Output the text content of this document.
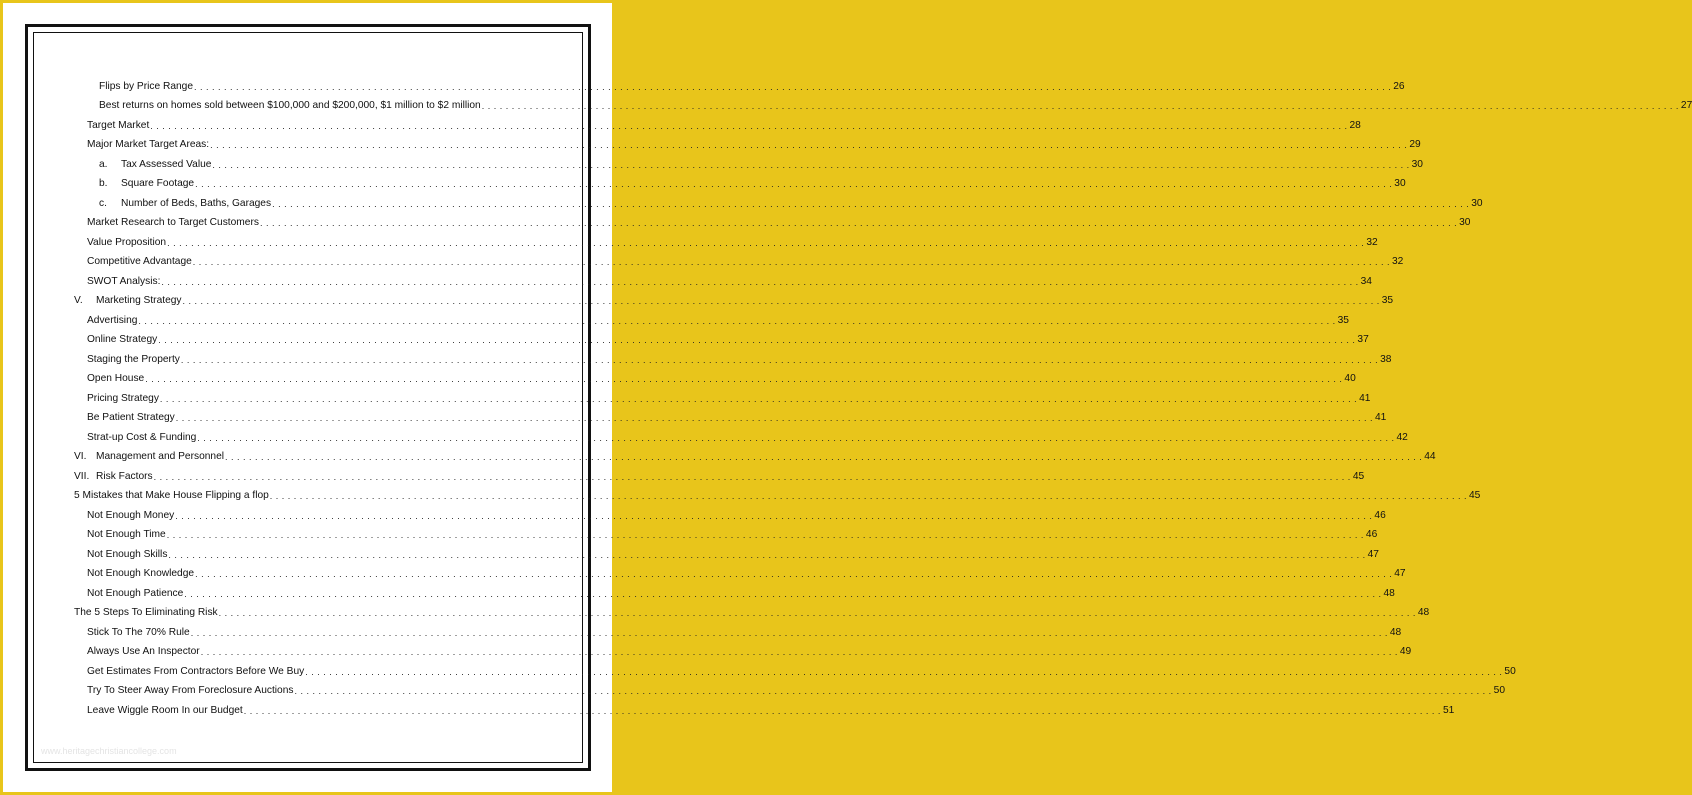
Flips by Price Range . . . . . . . . . . . . . . . . . . . . . . . . . . . . . . . . . . . . . . . . . . . . . . . . . . . . . . . . . . . . . . . . . . . . . . . . . . . . . . . . . . . . . . . . . . . . . . . . . . . . . . . . . . . . . . . . . . . . . . . . . . . . . . . . . . . . . . . . . . . . . . . . . . . . . . . . . . . . . . . . . . . . . . . . . . . . . . . . . . . . . . . . . . . . . . . . . . . . . . . . 26
Best returns on homes sold between $100,000 and $200,000, $1 million to $2 million . . . . . . . . . . . . . . . . . . . . . . . . . . . . . . . . . . . . . . . . . . . . . . . . . . . . . . . . . . . . . . . . . . . . . . . . . . . . . . . . . . . . . . . . . . . . . . . . . . . . . . . . . . . . . . . . . . . . . . . . . . . . . . . . . . . . . . . . . . . . . . . . . . . . . . . . . . . . . . . . . . . . . . . . . . . . . . . . . . . . . . . . . . . . . . . . . . . . . . . . 27
Target Market . . . . . . . . . . . . . . . . . . . . . . . . . . . . . . . . . . . . . . . . . . . . . . . . . . . . . . . . . . . . . . . . . . . . . . . . . . . . . . . . . . . . . . . . . . . . . . . . . . . . . . . . . . . . . . . . . . . . . . . . . . . . . . . . . . . . . . . . . . . . . . . . . . . . . . . . . . . . . . . . . . . . . . . . . . . . . . . . . . . . . . . . . . . . . . . . . . . . . . . . 28
Major Market Target Areas: . . . . . . . . . . . . . . . . . . . . . . . . . . . . . . . . . . . . . . . . . . . . . . . . . . . . . . . . . . . . . . . . . . . . . . . . . . . . . . . . . . . . . . . . . . . . . . . . . . . . . . . . . . . . . . . . . . . . . . . . . . . . . . . . . . . . . . . . . . . . . . . . . . . . . . . . . . . . . . . . . . . . . . . . . . . . . . . . . . . . . . . . . . . . . . . . . . . . . . . . 29
a. Tax Assessed Value . . . . . . . . . . . . . . . . . . . . . . . . . . . . . . . . . . . . . . . . . . . . . . . . . . . . . . . . . . . . . . . . . . . . . . . . . . . . . . . . . . . . . . . . . . . . . . . . . . . . . . . . . . . . . . . . . . . . . . . . . . . . . . . . . . . . . . . . . . . . . . . . . . . . . . . . . . . . . . . . . . . . . . . . . . . . . . . . . . . . . . . . . . . . . . . . . . . . . . . . 30
b. Square Footage . . . . . . . . . . . . . . . . . . . . . . . . . . . . . . . . . . . . . . . . . . . . . . . . . . . . . . . . . . . . . . . . . . . . . . . . . . . . . . . . . . . . . . . . . . . . . . . . . . . . . . . . . . . . . . . . . . . . . . . . . . . . . . . . . . . . . . . . . . . . . . . . . . . . . . . . . . . . . . . . . . . . . . . . . . . . . . . . . . . . . . . . . . . . . . . . . . . . . . . . 30
c. Number of Beds, Baths, Garages . . . . . . . . . . . . . . . . . . . . . . . . . . . . . . . . . . . . . . . . . . . . . . . . . . . . . . . . . . . . . . . . . . . . . . . . . . . . . . . . . . . . . . . . . . . . . . . . . . . . . . . . . . . . . . . . . . . . . . . . . . . . . . . . . . . . . . . . . . . . . . . . . . . . . . . . . . . . . . . . . . . . . . . . . . . . . . . . . . . . . . . . . . . . . . . . . . . . . . . . 30
Market Research to Target Customers . . . . . . . . . . . . . . . . . . . . . . . . . . . . . . . . . . . . . . . . . . . . . . . . . . . . . . . . . . . . . . . . . . . . . . . . . . . . . . . . . . . . . . . . . . . . . . . . . . . . . . . . . . . . . . . . . . . . . . . . . . . . . . . . . . . . . . . . . . . . . . . . . . . . . . . . . . . . . . . . . . . . . . . . . . . . . . . . . . . . . . . . . . . . . . . . . . . . . . . . 30
Value Proposition . . . . . . . . . . . . . . . . . . . . . . . . . . . . . . . . . . . . . . . . . . . . . . . . . . . . . . . . . . . . . . . . . . . . . . . . . . . . . . . . . . . . . . . . . . . . . . . . . . . . . . . . . . . . . . . . . . . . . . . . . . . . . . . . . . . . . . . . . . . . . . . . . . . . . . . . . . . . . . . . . . . . . . . . . . . . . . . . . . . . . . . . . . . . . . . . . . . . . . . . 32
Competitive Advantage . . . . . . . . . . . . . . . . . . . . . . . . . . . . . . . . . . . . . . . . . . . . . . . . . . . . . . . . . . . . . . . . . . . . . . . . . . . . . . . . . . . . . . . . . . . . . . . . . . . . . . . . . . . . . . . . . . . . . . . . . . . . . . . . . . . . . . . . . . . . . . . . . . . . . . . . . . . . . . . . . . . . . . . . . . . . . . . . . . . . . . . . . . . . . . . . . . . . . . . . 32
SWOT Analysis: . . . . . . . . . . . . . . . . . . . . . . . . . . . . . . . . . . . . . . . . . . . . . . . . . . . . . . . . . . . . . . . . . . . . . . . . . . . . . . . . . . . . . . . . . . . . . . . . . . . . . . . . . . . . . . . . . . . . . . . . . . . . . . . . . . . . . . . . . . . . . . . . . . . . . . . . . . . . . . . . . . . . . . . . . . . . . . . . . . . . . . . . . . . . . . . . . . . . . . . . 34
V. Marketing Strategy . . . . . . . . . . . . . . . . . . . . . . . . . . . . . . . . . . . . . . . . . . . . . . . . . . . . . . . . . . . . . . . . . . . . . . . . . . . . . . . . . . . . . . . . . . . . . . . . . . . . . . . . . . . . . . . . . . . . . . . . . . . . . . . . . . . . . . . . . . . . . . . . . . . . . . . . . . . . . . . . . . . . . . . . . . . . . . . . . . . . . . . . . . . . . . . . . . . . . . . . 35
Advertising . . . . . . . . . . . . . . . . . . . . . . . . . . . . . . . . . . . . . . . . . . . . . . . . . . . . . . . . . . . . . . . . . . . . . . . . . . . . . . . . . . . . . . . . . . . . . . . . . . . . . . . . . . . . . . . . . . . . . . . . . . . . . . . . . . . . . . . . . . . . . . . . . . . . . . . . . . . . . . . . . . . . . . . . . . . . . . . . . . . . . . . . . . . . . . . . . . . . . . . . 35
Online Strategy . . . . . . . . . . . . . . . . . . . . . . . . . . . . . . . . . . . . . . . . . . . . . . . . . . . . . . . . . . . . . . . . . . . . . . . . . . . . . . . . . . . . . . . . . . . . . . . . . . . . . . . . . . . . . . . . . . . . . . . . . . . . . . . . . . . . . . . . . . . . . . . . . . . . . . . . . . . . . . . . . . . . . . . . . . . . . . . . . . . . . . . . . . . . . . . . . . . . . . . . 37
Staging the Property . . . . . . . . . . . . . . . . . . . . . . . . . . . . . . . . . . . . . . . . . . . . . . . . . . . . . . . . . . . . . . . . . . . . . . . . . . . . . . . . . . . . . . . . . . . . . . . . . . . . . . . . . . . . . . . . . . . . . . . . . . . . . . . . . . . . . . . . . . . . . . . . . . . . . . . . . . . . . . . . . . . . . . . . . . . . . . . . . . . . . . . . . . . . . . . . . . . . . . . . 38
Open House . . . . . . . . . . . . . . . . . . . . . . . . . . . . . . . . . . . . . . . . . . . . . . . . . . . . . . . . . . . . . . . . . . . . . . . . . . . . . . . . . . . . . . . . . . . . . . . . . . . . . . . . . . . . . . . . . . . . . . . . . . . . . . . . . . . . . . . . . . . . . . . . . . . . . . . . . . . . . . . . . . . . . . . . . . . . . . . . . . . . . . . . . . . . . . . . . . . . . . . . 40
Pricing Strategy . . . . . . . . . . . . . . . . . . . . . . . . . . . . . . . . . . . . . . . . . . . . . . . . . . . . . . . . . . . . . . . . . . . . . . . . . . . . . . . . . . . . . . . . . . . . . . . . . . . . . . . . . . . . . . . . . . . . . . . . . . . . . . . . . . . . . . . . . . . . . . . . . . . . . . . . . . . . . . . . . . . . . . . . . . . . . . . . . . . . . . . . . . . . . . . . . . . . . . . . 41
Be Patient Strategy . . . . . . . . . . . . . . . . . . . . . . . . . . . . . . . . . . . . . . . . . . . . . . . . . . . . . . . . . . . . . . . . . . . . . . . . . . . . . . . . . . . . . . . . . . . . . . . . . . . . . . . . . . . . . . . . . . . . . . . . . . . . . . . . . . . . . . . . . . . . . . . . . . . . . . . . . . . . . . . . . . . . . . . . . . . . . . . . . . . . . . . . . . . . . . . . . . . . . . . . 41
Strat-up Cost & Funding . . . . . . . . . . . . . . . . . . . . . . . . . . . . . . . . . . . . . . . . . . . . . . . . . . . . . . . . . . . . . . . . . . . . . . . . . . . . . . . . . . . . . . . . . . . . . . . . . . . . . . . . . . . . . . . . . . . . . . . . . . . . . . . . . . . . . . . . . . . . . . . . . . . . . . . . . . . . . . . . . . . . . . . . . . . . . . . . . . . . . . . . . . . . . . . . . . . . . . . . 42
VI. Management and Personnel . . . . . . . . . . . . . . . . . . . . . . . . . . . . . . . . . . . . . . . . . . . . . . . . . . . . . . . . . . . . . . . . . . . . . . . . . . . . . . . . . . . . . . . . . . . . . . . . . . . . . . . . . . . . . . . . . . . . . . . . . . . . . . . . . . . . . . . . . . . . . . . . . . . . . . . . . . . . . . . . . . . . . . . . . . . . . . . . . . . . . . . . . . . . . . . . . . . . . . . . 44
VII. Risk Factors . . . . . . . . . . . . . . . . . . . . . . . . . . . . . . . . . . . . . . . . . . . . . . . . . . . . . . . . . . . . . . . . . . . . . . . . . . . . . . . . . . . . . . . . . . . . . . . . . . . . . . . . . . . . . . . . . . . . . . . . . . . . . . . . . . . . . . . . . . . . . . . . . . . . . . . . . . . . . . . . . . . . . . . . . . . . . . . . . . . . . . . . . . . . . . . . . . . . . . . . 45
5 Mistakes that Make House Flipping a flop . . . . . . . . . . . . . . . . . . . . . . . . . . . . . . . . . . . . . . . . . . . . . . . . . . . . . . . . . . . . . . . . . . . . . . . . . . . . . . . . . . . . . . . . . . . . . . . . . . . . . . . . . . . . . . . . . . . . . . . . . . . . . . . . . . . . . . . . . . . . . . . . . . . . . . . . . . . . . . . . . . . . . . . . . . . . . . . . . . . . . . . . . . . . . . . . . . . . . . . . 45
Not Enough Money . . . . . . . . . . . . . . . . . . . . . . . . . . . . . . . . . . . . . . . . . . . . . . . . . . . . . . . . . . . . . . . . . . . . . . . . . . . . . . . . . . . . . . . . . . . . . . . . . . . . . . . . . . . . . . . . . . . . . . . . . . . . . . . . . . . . . . . . . . . . . . . . . . . . . . . . . . . . . . . . . . . . . . . . . . . . . . . . . . . . . . . . . . . . . . . . . . . . . . . . 46
Not Enough Time . . . . . . . . . . . . . . . . . . . . . . . . . . . . . . . . . . . . . . . . . . . . . . . . . . . . . . . . . . . . . . . . . . . . . . . . . . . . . . . . . . . . . . . . . . . . . . . . . . . . . . . . . . . . . . . . . . . . . . . . . . . . . . . . . . . . . . . . . . . . . . . . . . . . . . . . . . . . . . . . . . . . . . . . . . . . . . . . . . . . . . . . . . . . . . . . . . . . . . . . 46
Not Enough Skills . . . . . . . . . . . . . . . . . . . . . . . . . . . . . . . . . . . . . . . . . . . . . . . . . . . . . . . . . . . . . . . . . . . . . . . . . . . . . . . . . . . . . . . . . . . . . . . . . . . . . . . . . . . . . . . . . . . . . . . . . . . . . . . . . . . . . . . . . . . . . . . . . . . . . . . . . . . . . . . . . . . . . . . . . . . . . . . . . . . . . . . . . . . . . . . . . . . . . . . . 47
Not Enough Knowledge . . . . . . . . . . . . . . . . . . . . . . . . . . . . . . . . . . . . . . . . . . . . . . . . . . . . . . . . . . . . . . . . . . . . . . . . . . . . . . . . . . . . . . . . . . . . . . . . . . . . . . . . . . . . . . . . . . . . . . . . . . . . . . . . . . . . . . . . . . . . . . . . . . . . . . . . . . . . . . . . . . . . . . . . . . . . . . . . . . . . . . . . . . . . . . . . . . . . . . . . 47
Not Enough Patience . . . . . . . . . . . . . . . . . . . . . . . . . . . . . . . . . . . . . . . . . . . . . . . . . . . . . . . . . . . . . . . . . . . . . . . . . . . . . . . . . . . . . . . . . . . . . . . . . . . . . . . . . . . . . . . . . . . . . . . . . . . . . . . . . . . . . . . . . . . . . . . . . . . . . . . . . . . . . . . . . . . . . . . . . . . . . . . . . . . . . . . . . . . . . . . . . . . . . . . . 48
The 5 Steps To Eliminating Risk . . . . . . . . . . . . . . . . . . . . . . . . . . . . . . . . . . . . . . . . . . . . . . . . . . . . . . . . . . . . . . . . . . . . . . . . . . . . . . . . . . . . . . . . . . . . . . . . . . . . . . . . . . . . . . . . . . . . . . . . . . . . . . . . . . . . . . . . . . . . . . . . . . . . . . . . . . . . . . . . . . . . . . . . . . . . . . . . . . . . . . . . . . . . . . . . . . . . . . . . 48
Stick To The 70% Rule . . . . . . . . . . . . . . . . . . . . . . . . . . . . . . . . . . . . . . . . . . . . . . . . . . . . . . . . . . . . . . . . . . . . . . . . . . . . . . . . . . . . . . . . . . . . . . . . . . . . . . . . . . . . . . . . . . . . . . . . . . . . . . . . . . . . . . . . . . . . . . . . . . . . . . . . . . . . . . . . . . . . . . . . . . . . . . . . . . . . . . . . . . . . . . . . . . . . . . . . 48
Always Use An Inspector . . . . . . . . . . . . . . . . . . . . . . . . . . . . . . . . . . . . . . . . . . . . . . . . . . . . . . . . . . . . . . . . . . . . . . . . . . . . . . . . . . . . . . . . . . . . . . . . . . . . . . . . . . . . . . . . . . . . . . . . . . . . . . . . . . . . . . . . . . . . . . . . . . . . . . . . . . . . . . . . . . . . . . . . . . . . . . . . . . . . . . . . . . . . . . . . . . . . . . . . 49
Get Estimates From Contractors Before We Buy . . . . . . . . . . . . . . . . . . . . . . . . . . . . . . . . . . . . . . . . . . . . . . . . . . . . . . . . . . . . . . . . . . . . . . . . . . . . . . . . . . . . . . . . . . . . . . . . . . . . . . . . . . . . . . . . . . . . . . . . . . . . . . . . . . . . . . . . . . . . . . . . . . . . . . . . . . . . . . . . . . . . . . . . . . . . . . . . . . . . . . . . . . . . . . . . . . . . . . . . 50
Try To Steer Away From Foreclosure Auctions . . . . . . . . . . . . . . . . . . . . . . . . . . . . . . . . . . . . . . . . . . . . . . . . . . . . . . . . . . . . . . . . . . . . . . . . . . . . . . . . . . . . . . . . . . . . . . . . . . . . . . . . . . . . . . . . . . . . . . . . . . . . . . . . . . . . . . . . . . . . . . . . . . . . . . . . . . . . . . . . . . . . . . . . . . . . . . . . . . . . . . . . . . . . . . . . . . . . . . . . 50
Leave Wiggle Room In our Budget . . . . . . . . . . . . . . . . . . . . . . . . . . . . . . . . . . . . . . . . . . . . . . . . . . . . . . . . . . . . . . . . . . . . . . . . . . . . . . . . . . . . . . . . . . . . . . . . . . . . . . . . . . . . . . . . . . . . . . . . . . . . . . . . . . . . . . . . . . . . . . . . . . . . . . . . . . . . . . . . . . . . . . . . . . . . . . . . . . . . . . . . . . . . . . . . . . . . . . . . 51
www.heritagechristiancollege.com
